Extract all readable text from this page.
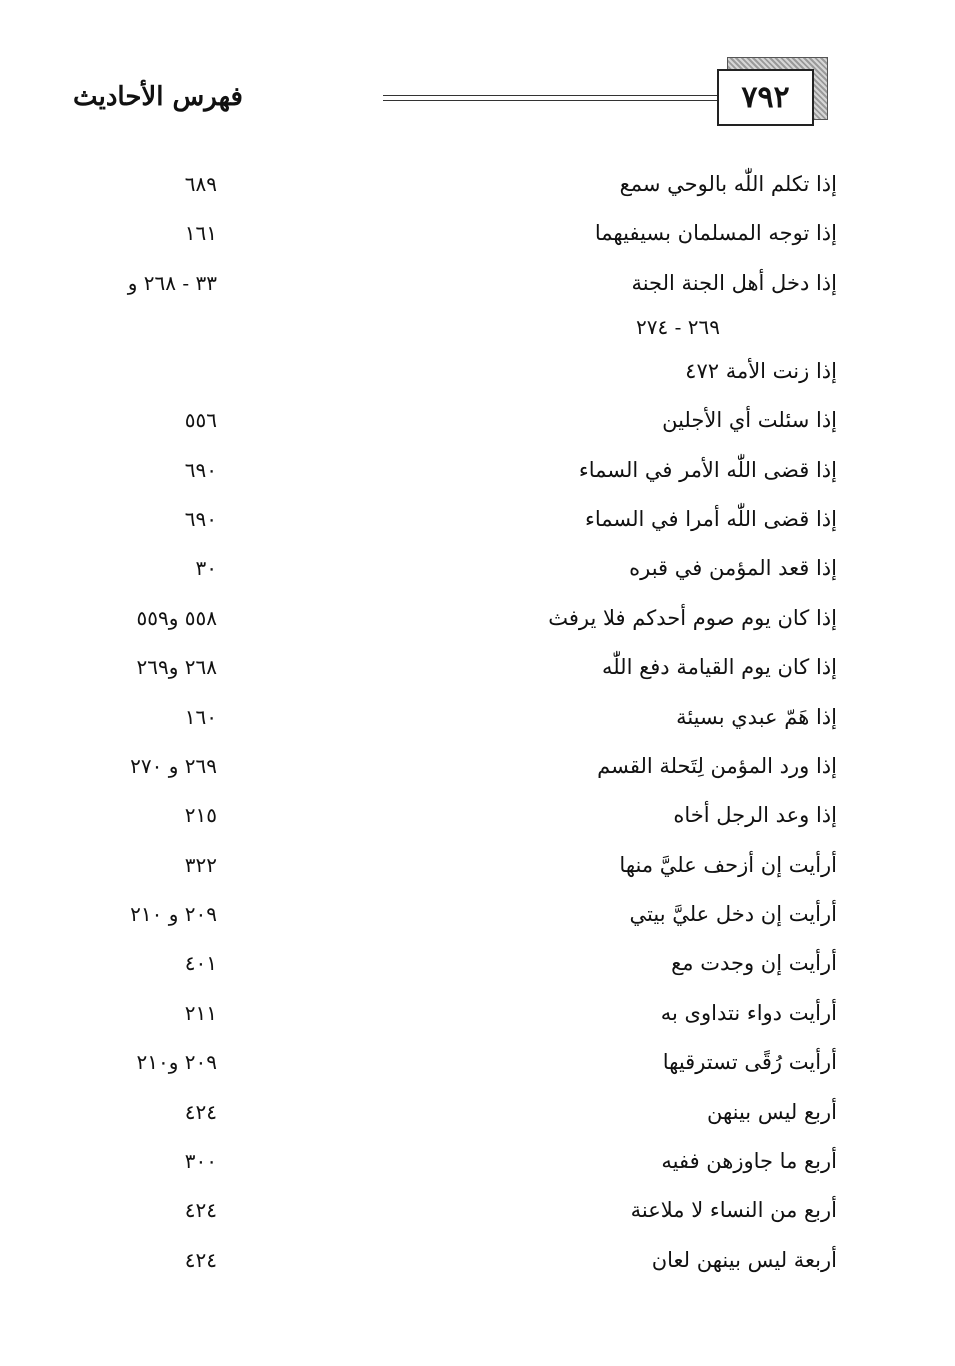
٧٩٢
فهرس الأحاديث
إذا تكلم اللّٰه بالوحي سمع
٦٨٩
إذا توجه المسلمان بسيفيهما
١٦١
إذا دخل أهل الجنة الجنة
٣٣ - ٢٦٨ و
٢٦٩ - ٢٧٤
إذا زنت الأمة ٤٧٢
إذا سئلت أي الأجلين
٥٥٦
إذا قضى اللّٰه الأمر في السماء
٦٩٠
إذا قضى اللّٰه أمرا في السماء
٦٩٠
إذا قعد المؤمن في قبره
٣٠
إذا كان يوم صوم أحدكم فلا يرفث
٥٥٨ و٥٥٩
إذا كان يوم القيامة دفع اللّٰه
٢٦٨ و٢٦٩
إذا هَمّ عبدي بسيئة
١٦٠
إذا ورد المؤمن لِتَحلة القسم
٢٦٩ و ٢٧٠
إذا وعد الرجل أخاه
٢١٥
أرأيت إن أزحف عليَّ منها
٣٢٢
أرأيت إن دخل عليَّ بيتي
٢٠٩ و ٢١٠
أرأيت إن وجدت مع
٤٠١
أرأيت دواء نتداوى به
٢١١
أرأيت رُقًى تسترقيها
٢٠٩ و٢١٠
أربع ليس بينهن
٤٢٤
أربع ما جاوزهن ففيه
٣٠٠
أربع من النساء لا ملاعنة
٤٢٤
أربعة ليس بينهن لعان
٤٢٤
